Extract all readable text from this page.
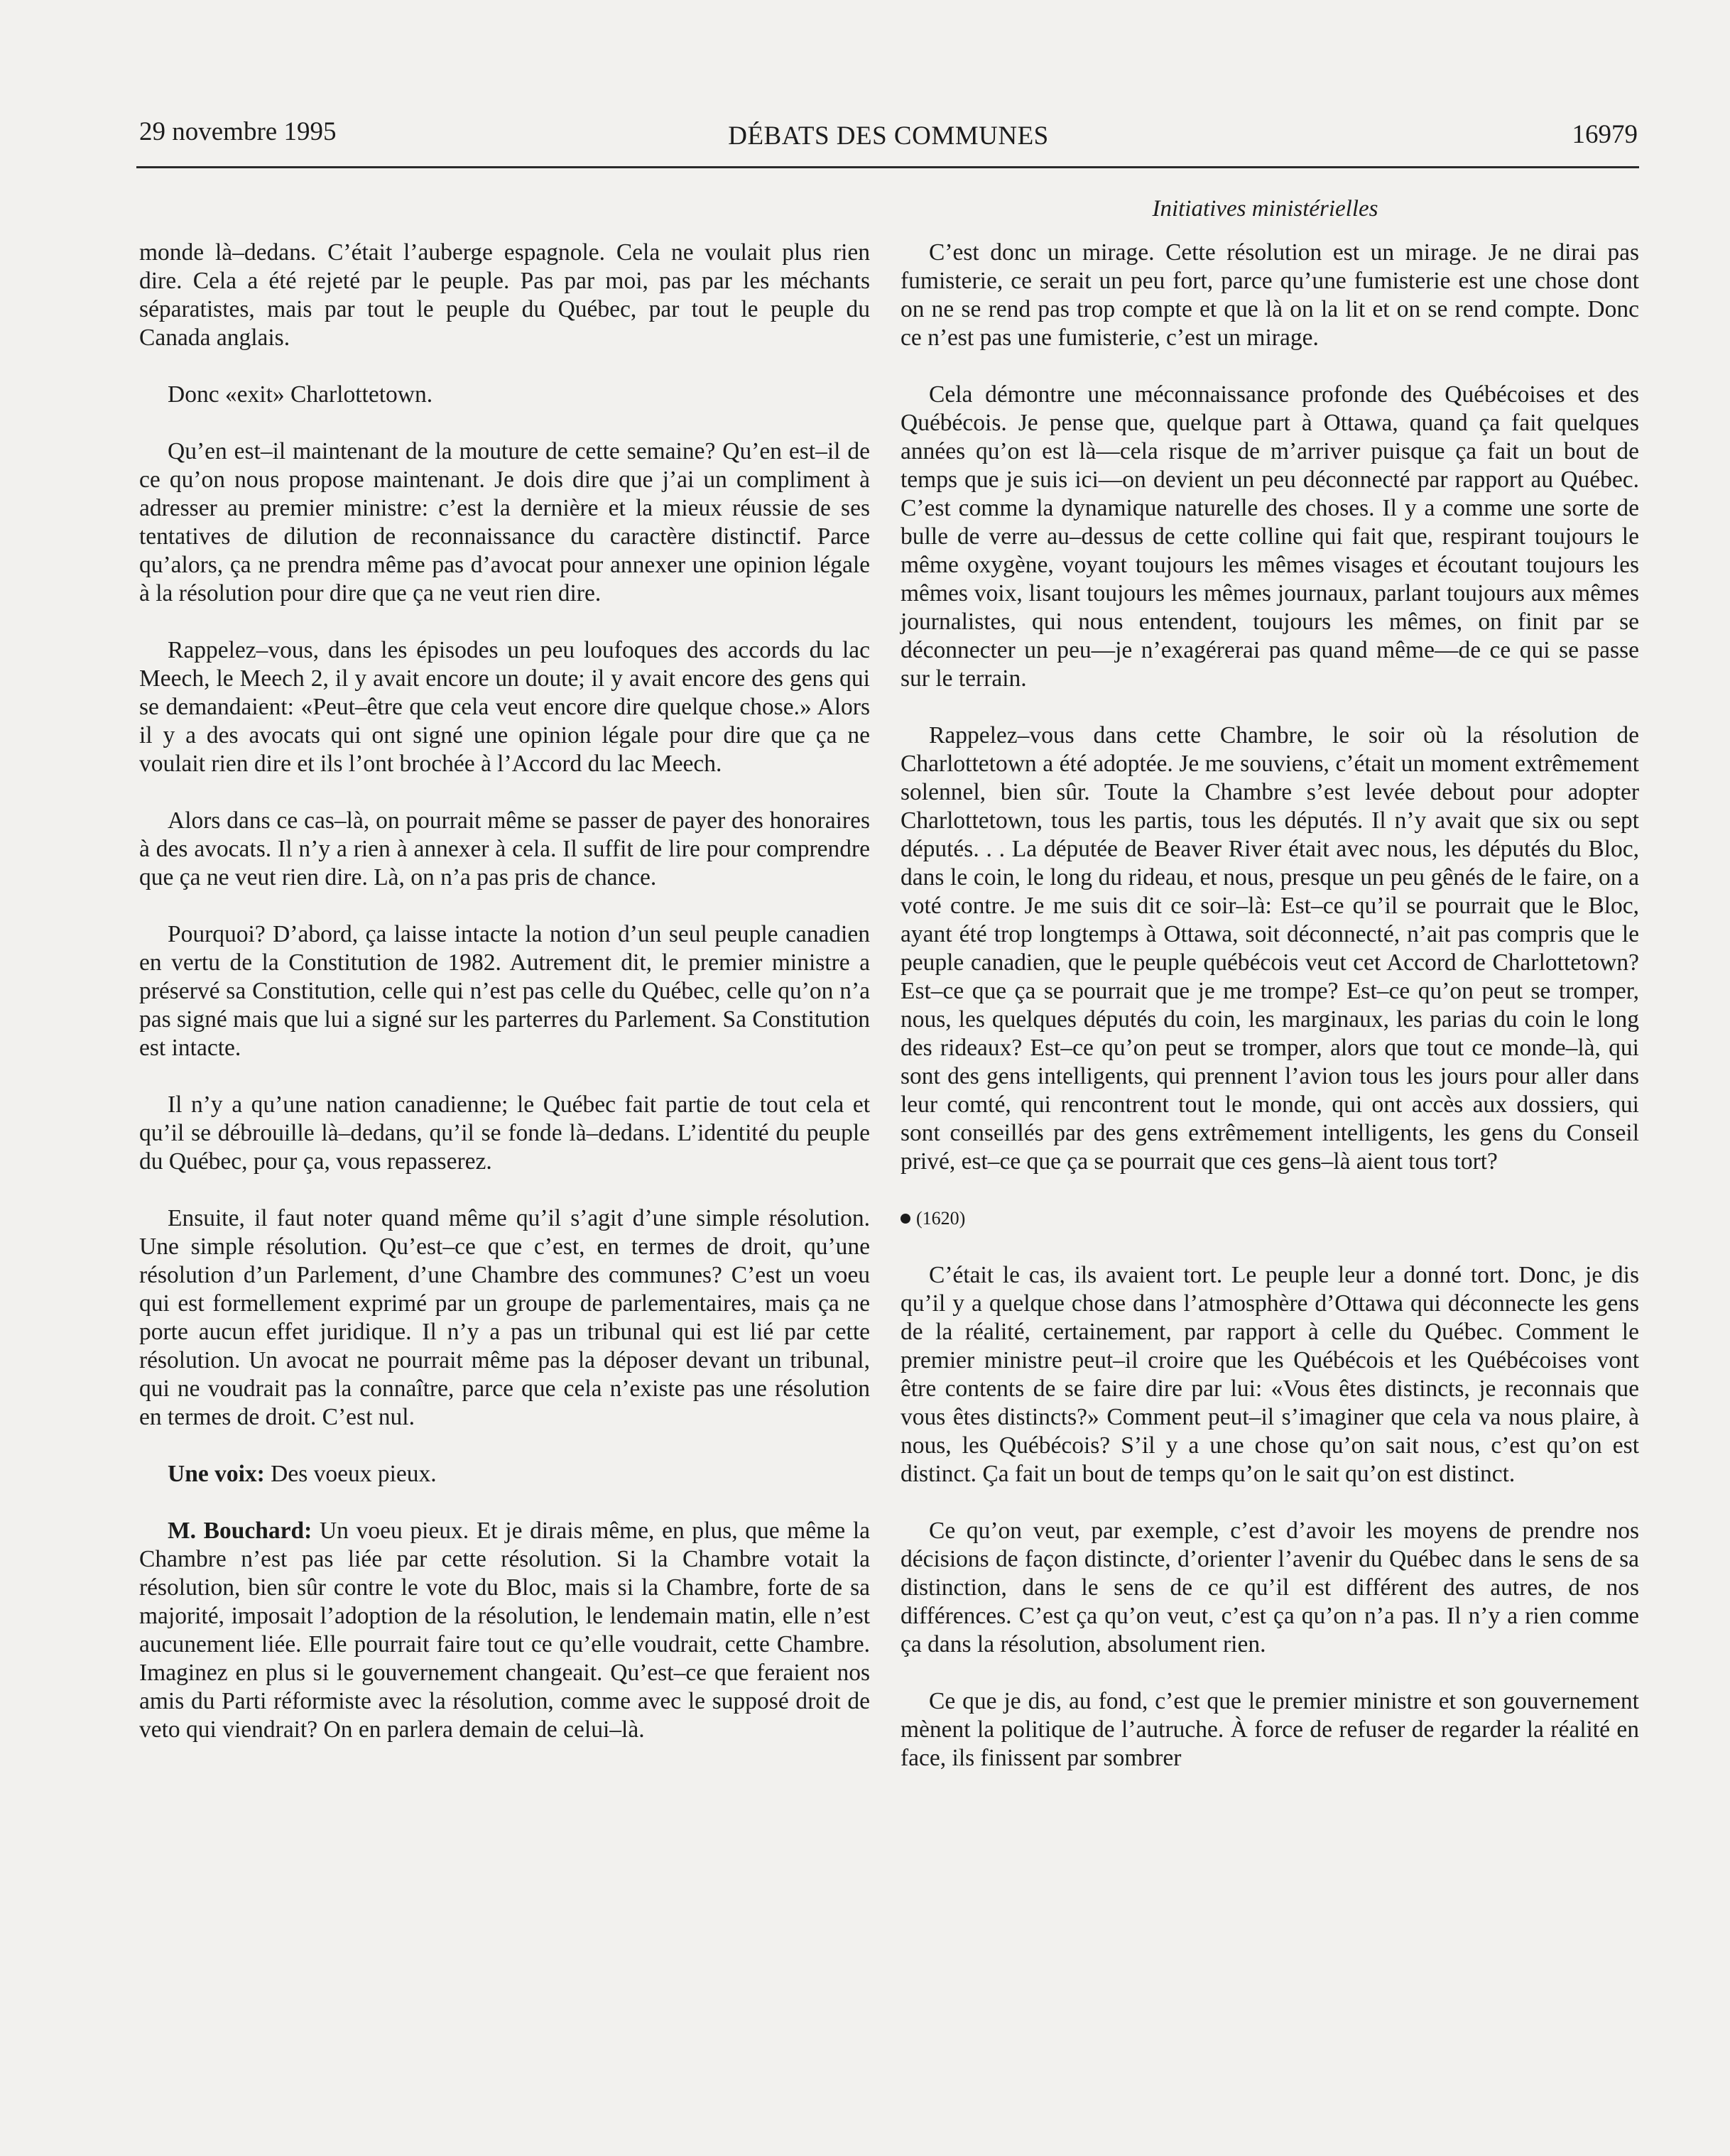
29 novembre 1995	DÉBATS DES COMMUNES	16979
Initiatives ministérielles

monde là–dedans. C’était l’auberge espagnole. Cela ne voulait plus rien dire. Cela a été rejeté par le peuple. Pas par moi, pas par les méchants séparatistes, mais par tout le peuple du Québec, par tout le peuple du Canada anglais.

Donc «exit» Charlottetown.

Qu’en est–il maintenant de la mouture de cette semaine? Qu’en est–il de ce qu’on nous propose maintenant. Je dois dire que j’ai un compliment à adresser au premier ministre: c’est la dernière et la mieux réussie de ses tentatives de dilution de reconnaissance du caractère distinctif. Parce qu’alors, ça ne prendra même pas d’avocat pour annexer une opinion légale à la résolution pour dire que ça ne veut rien dire.

Rappelez–vous, dans les épisodes un peu loufoques des accords du lac Meech, le Meech 2, il y avait encore un doute; il y avait encore des gens qui se demandaient: «Peut–être que cela veut encore dire quelque chose.» Alors il y a des avocats qui ont signé une opinion légale pour dire que ça ne voulait rien dire et ils l’ont brochée à l’Accord du lac Meech.

Alors dans ce cas–là, on pourrait même se passer de payer des honoraires à des avocats. Il n’y a rien à annexer à cela. Il suffit de lire pour comprendre que ça ne veut rien dire. Là, on n’a pas pris de chance.

Pourquoi? D’abord, ça laisse intacte la notion d’un seul peuple canadien en vertu de la Constitution de 1982. Autrement dit, le premier ministre a préservé sa Constitution, celle qui n’est pas celle du Québec, celle qu’on n’a pas signé mais que lui a signé sur les parterres du Parlement. Sa Constitution est intacte.

Il n’y a qu’une nation canadienne; le Québec fait partie de tout cela et qu’il se débrouille là–dedans, qu’il se fonde là–dedans. L’identité du peuple du Québec, pour ça, vous repasserez.

Ensuite, il faut noter quand même qu’il s’agit d’une simple résolution. Une simple résolution. Qu’est–ce que c’est, en termes de droit, qu’une résolution d’un Parlement, d’une Chambre des communes? C’est un voeu qui est formellement exprimé par un groupe de parlementaires, mais ça ne porte aucun effet juridique. Il n’y a pas un tribunal qui est lié par cette résolution. Un avocat ne pourrait même pas la déposer devant un tribunal, qui ne voudrait pas la connaître, parce que cela n’existe pas une résolution en termes de droit. C’est nul.

Une voix: Des voeux pieux.

M. Bouchard: Un voeu pieux. Et je dirais même, en plus, que même la Chambre n’est pas liée par cette résolution. Si la Chambre votait la résolution, bien sûr contre le vote du Bloc, mais si la Chambre, forte de sa majorité, imposait l’adoption de la résolution, le lendemain matin, elle n’est aucunement liée. Elle pourrait faire tout ce qu’elle voudrait, cette Chambre. Imaginez en plus si le gouvernement changeait. Qu’est–ce que feraient nos amis du Parti réformiste avec la résolution, comme avec le supposé droit de veto qui viendrait? On en parlera demain de celui–là.

C’est donc un mirage. Cette résolution est un mirage. Je ne dirai pas fumisterie, ce serait un peu fort, parce qu’une fumisterie est une chose dont on ne se rend pas trop compte et que là on la lit et on se rend compte. Donc ce n’est pas une fumisterie, c’est un mirage.

Cela démontre une méconnaissance profonde des Québécoises et des Québécois. Je pense que, quelque part à Ottawa, quand ça fait quelques années qu’on est là—cela risque de m’arriver puisque ça fait un bout de temps que je suis ici—on devient un peu déconnecté par rapport au Québec. C’est comme la dynamique naturelle des choses. Il y a comme une sorte de bulle de verre au–dessus de cette colline qui fait que, respirant toujours le même oxygène, voyant toujours les mêmes visages et écoutant toujours les mêmes voix, lisant toujours les mêmes journaux, parlant toujours aux mêmes journalistes, qui nous entendent, toujours les mêmes, on finit par se déconnecter un peu—je n’exagérerai pas quand même—de ce qui se passe sur le terrain.

Rappelez–vous dans cette Chambre, le soir où la résolution de Charlottetown a été adoptée. Je me souviens, c’était un moment extrêmement solennel, bien sûr. Toute la Chambre s’est levée debout pour adopter Charlottetown, tous les partis, tous les députés. Il n’y avait que six ou sept députés. . . La députée de Beaver River était avec nous, les députés du Bloc, dans le coin, le long du rideau, et nous, presque un peu gênés de le faire, on a voté contre. Je me suis dit ce soir–là: Est–ce qu’il se pourrait que le Bloc, ayant été trop longtemps à Ottawa, soit déconnecté, n’ait pas compris que le peuple canadien, que le peuple québécois veut cet Accord de Charlottetown? Est–ce que ça se pourrait que je me trompe? Est–ce qu’on peut se tromper, nous, les quelques députés du coin, les marginaux, les parias du coin le long des rideaux? Est–ce qu’on peut se tromper, alors que tout ce monde–là, qui sont des gens intelligents, qui prennent l’avion tous les jours pour aller dans leur comté, qui rencontrent tout le monde, qui ont accès aux dossiers, qui sont conseillés par des gens extrêmement intelligents, les gens du Conseil privé, est–ce que ça se pourrait que ces gens–là aient tous tort?

(1620)

C’était le cas, ils avaient tort. Le peuple leur a donné tort. Donc, je dis qu’il y a quelque chose dans l’atmosphère d’Ottawa qui déconnecte les gens de la réalité, certainement, par rapport à celle du Québec. Comment le premier ministre peut–il croire que les Québécois et les Québécoises vont être contents de se faire dire par lui: «Vous êtes distincts, je reconnais que vous êtes distincts?» Comment peut–il s’imaginer que cela va nous plaire, à nous, les Québécois? S’il y a une chose qu’on sait nous, c’est qu’on est distinct. Ça fait un bout de temps qu’on le sait qu’on est distinct.

Ce qu’on veut, par exemple, c’est d’avoir les moyens de prendre nos décisions de façon distincte, d’orienter l’avenir du Québec dans le sens de sa distinction, dans le sens de ce qu’il est différent des autres, de nos différences. C’est ça qu’on veut, c’est ça qu’on n’a pas. Il n’y a rien comme ça dans la résolution, absolument rien.

Ce que je dis, au fond, c’est que le premier ministre et son gouvernement mènent la politique de l’autruche. À force de refuser de regarder la réalité en face, ils finissent par sombrer
